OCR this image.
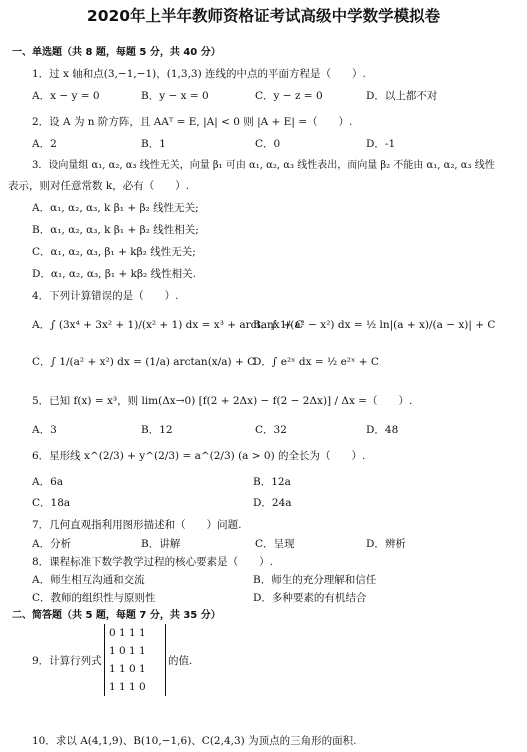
2020年上半年教师资格证考试高级中学数学模拟卷
一、单选题（共 8 题，每题 5 分，共 40 分）
1．过 x 轴和点(3,−1,−1)，(1,3,3) 连线的中点的平面方程是（　　）.
A．x − y = 0	B．y − x = 0	C．y − z = 0	D．以上都不对
2．设 A 为 n 阶方阵，且 AAᵀ = E, |A| < 0 则 |A + E| =（　　）.
A．2	B．1	C．0	D．-1
3．设向量组 α₁, α₂, α₃ 线性无关，向量 β₁ 可由 α₁, α₂, α₃ 线性表出，而向量 β₂ 不能由 α₁, α₂, α₃ 线性
表示，则对任意常数 k，必有（　　）.
A．α₁, α₂, α₃, k β₁ + β₂ 线性无关;
B．α₁, α₂, α₃, k β₁ + β₂ 线性相关;
C．α₁, α₂, α₃, β₁ + kβ₂ 线性无关;
D．α₁, α₂, α₃, β₁ + kβ₂ 线性相关.
4．下列计算错误的是（　　）.
A．∫ (3x⁴ + 3x² + 1)/(x² + 1) dx = x³ + arctanx + C
B．∫ 1/(a² − x²) dx = ½ ln|(a + x)/(a − x)| + C
C．∫ 1/(a² + x²) dx = (1/a) arctan(x/a) + C
D．∫ e²ˣ dx = ½ e²ˣ + C
5．已知 f(x) = x³，则 lim(Δx→0) [f(2 + 2Δx) − f(2 − 2Δx)] / Δx =（　　）.
A．3	B．12	C．32	D．48
6．星形线 x^(2/3) + y^(2/3) = a^(2/3) (a > 0) 的全长为（　　）.
A．6a	B．12a
C．18a	D．24a
7．几何直观指利用图形描述和（　　）问题.
A．分析	B．讲解	C．呈现	D．辨析
8．课程标准下数学教学过程的核心要素是（　　）.
A．师生相互沟通和交流	B．师生的充分理解和信任
C．教师的组织性与原则性	D．多种要素的有机结合
二、简答题（共 5 题，每题 7 分，共 35 分）
9．计算行列式
0 1 1 1
1 0 1 1
1 1 0 1
1 1 1 0
的值.
10．求以 A(4,1,9)、B(10,−1,6)、C(2,4,3) 为顶点的三角形的面积.
